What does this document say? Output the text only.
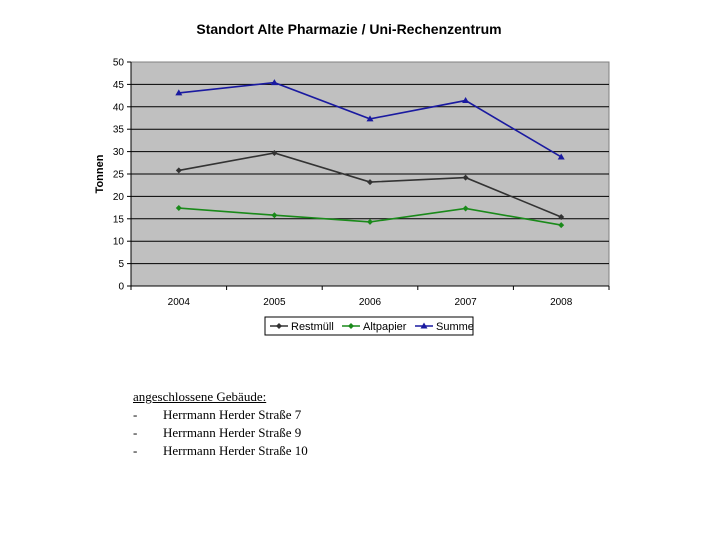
Standort Alte Pharmazie / Uni-Rechenzentrum
0
5
10
15
20
25
30
35
40
45
50
2004	2005	2006	2007	2008
Tonnen
Restmüll	Altpapier	Summe
angeschlossene Gebäude:
-	Herrmann Herder Straße 7
-	Herrmann Herder Straße 9
-	Herrmann Herder Straße 10
